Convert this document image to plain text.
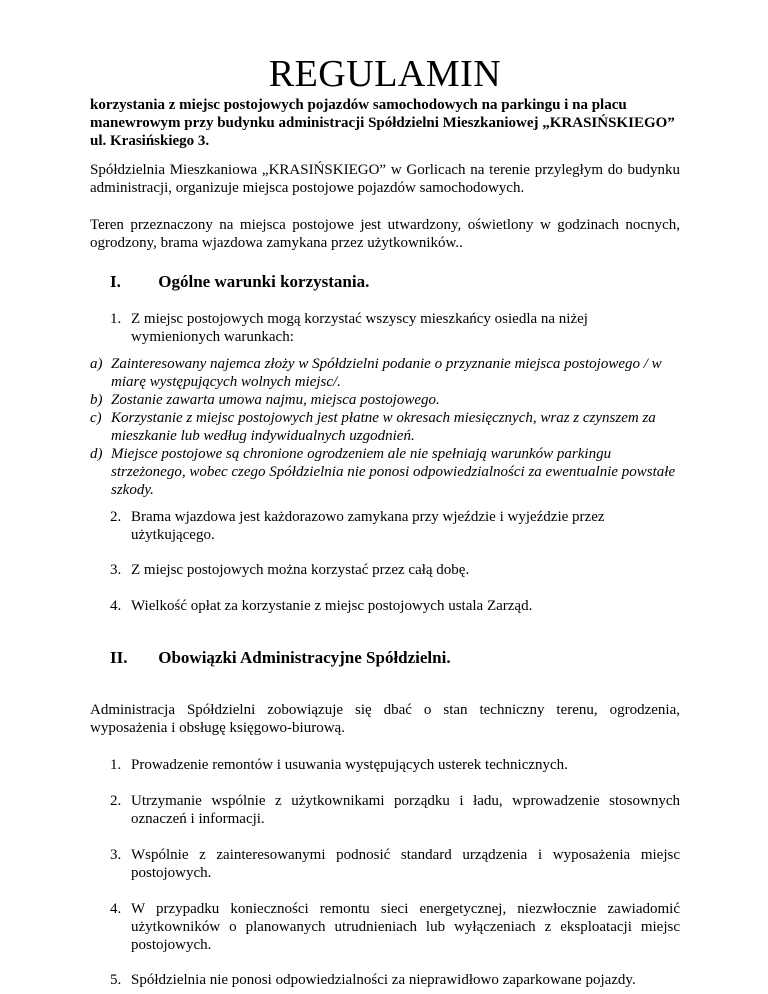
REGULAMIN
korzystania z miejsc postojowych pojazdów samochodowych na parkingu i na placu manewrowym przy budynku administracji Spółdzielni Mieszkaniowej „KRASIŃSKIEGO” ul. Krasińskiego 3.
Spółdzielnia Mieszkaniowa „KRASIŃSKIEGO” w Gorlicach na terenie przyległym do budynku administracji, organizuje miejsca postojowe pojazdów samochodowych.
Teren przeznaczony na miejsca postojowe jest utwardzony, oświetlony w godzinach nocnych, ogrodzony, brama wjazdowa zamykana przez użytkowników..
I. Ogólne warunki korzystania.
1. Z miejsc postojowych mogą korzystać wszyscy mieszkańcy osiedla na niżej wymienionych warunkach:
a) Zainteresowany najemca złoży w Spółdzielni podanie o przyznanie miejsca postojowego / w miarę występujących wolnych miejsc/.
b) Zostanie zawarta umowa najmu, miejsca postojowego.
c) Korzystanie z miejsc postojowych jest płatne w okresach miesięcznych, wraz z czynszem za mieszkanie lub według indywidualnych uzgodnień.
d) Miejsce postojowe są chronione ogrodzeniem ale nie spełniają warunków parkingu strzeżonego, wobec czego Spółdzielnia nie ponosi odpowiedzialności za ewentualnie powstałe szkody.
2. Brama wjazdowa jest każdorazowo zamykana przy wjeździe i wyjeździe przez użytkującego.
3. Z miejsc postojowych można korzystać przez całą dobę.
4. Wielkość opłat za korzystanie z miejsc postojowych ustala Zarząd.
II. Obowiązki Administracyjne Spółdzielni.
Administracja Spółdzielni zobowiązuje się dbać o stan techniczny terenu, ogrodzenia, wyposażenia i obsługę księgowo-biurową.
1. Prowadzenie remontów i usuwania występujących usterek technicznych.
2. Utrzymanie wspólnie z użytkownikami porządku i ładu, wprowadzenie stosownych oznaczeń i informacji.
3. Wspólnie z zainteresowanymi podnosić standard urządzenia i wyposażenia miejsc postojowych.
4. W przypadku konieczności remontu sieci energetycznej, niezwłocznie zawiadomić użytkowników o planowanych utrudnieniach lub wyłączeniach z eksploatacji miejsc postojowych.
5. Spółdzielnia nie ponosi odpowiedzialności za nieprawidłowo zaparkowane pojazdy.
